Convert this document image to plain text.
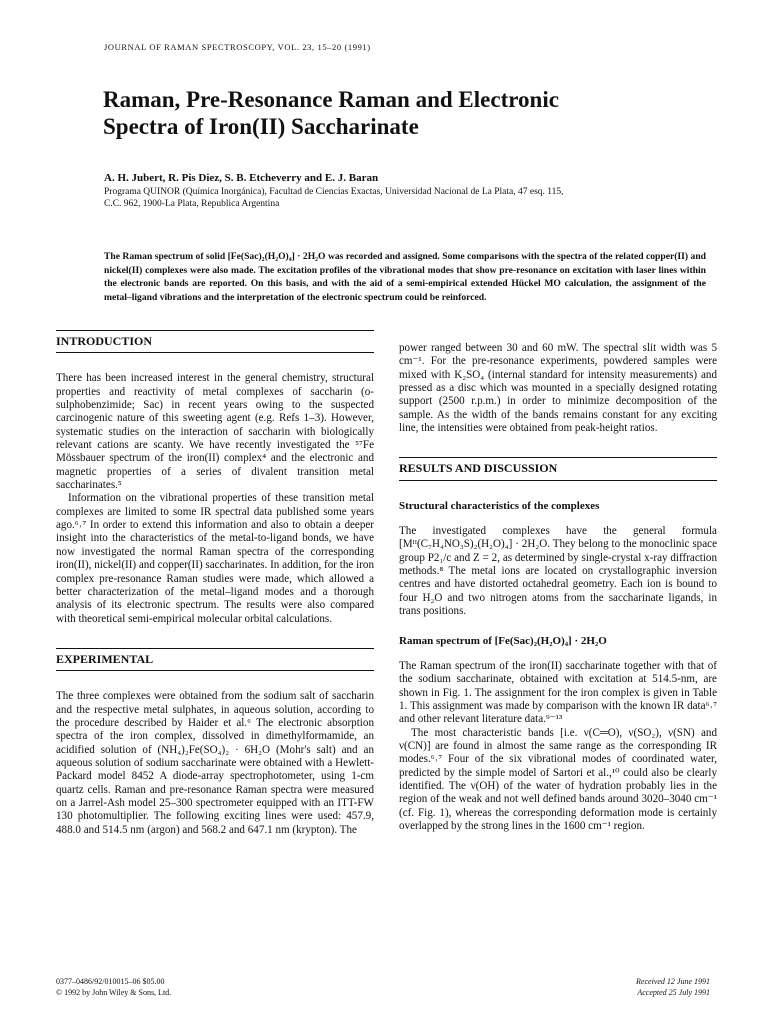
JOURNAL OF RAMAN SPECTROSCOPY, VOL. 23, 15–20 (1991)
Raman, Pre-Resonance Raman and Electronic
Spectra of Iron(II) Saccharinate
A. H. Jubert, R. Pis Diez, S. B. Etcheverry and E. J. Baran
Programa QUINOR (Química Inorgánica), Facultad de Ciencias Exactas, Universidad Nacional de La Plata, 47 esq. 115,
C.C. 962, 1900-La Plata, Republica Argentina
The Raman spectrum of solid [Fe(Sac)₂(H₂O)₄] · 2H₂O was recorded and assigned. Some comparisons with the spectra of the related copper(II) and nickel(II) complexes were also made. The excitation profiles of the vibrational modes that show pre-resonance on excitation with laser lines within the electronic bands are reported. On this basis, and with the aid of a semi-empirical extended Hückel MO calculation, the assignment of the metal–ligand vibrations and the interpretation of the electronic spectrum could be reinforced.
INTRODUCTION

There has been increased interest in the general chemistry, structural properties and reactivity of metal complexes of saccharin (o-sulphobenzimide; Sac) in recent years owing to the suspected carcinogenic nature of this sweeting agent (e.g. Refs 1–3). However, systematic studies on the interaction of saccharin with biologically relevant cations are scanty. We have recently investigated the ⁵⁷Fe Mössbauer spectrum of the iron(II) complex⁴ and the electronic and magnetic properties of a series of divalent transition metal saccharinates.⁵

Information on the vibrational properties of these transition metal complexes are limited to some IR spectral data published some years ago.⁶˒⁷ In order to extend this information and also to obtain a deeper insight into the characteristics of the metal-to-ligand bonds, we have now investigated the normal Raman spectra of the corresponding iron(II), nickel(II) and copper(II) saccharinates. In addition, for the iron complex pre-resonance Raman studies were made, which allowed a better characterization of the metal–ligand modes and a thorough analysis of its electronic spectrum. The results were also compared with theoretical semi-empirical molecular orbital calculations.

EXPERIMENTAL

The three complexes were obtained from the sodium salt of saccharin and the respective metal sulphates, in aqueous solution, according to the procedure described by Haider et al.⁶ The electronic absorption spectra of the iron complex, dissolved in dimethylformamide, an acidified solution of (NH₄)₂Fe(SO₄)₂ · 6H₂O (Mohr's salt) and an aqueous solution of sodium saccharinate were obtained with a Hewlett-Packard model 8452 A diode-array spectrophotometer, using 1-cm quartz cells. Raman and pre-resonance Raman spectra were measured on a Jarrel-Ash model 25–300 spectrometer equipped with an ITT-FW 130 photomultiplier. The following exciting lines were used: 457.9, 488.0 and 514.5 nm (argon) and 568.2 and 647.1 nm (krypton). The

power ranged between 30 and 60 mW. The spectral slit width was 5 cm⁻¹. For the pre-resonance experiments, powdered samples were mixed with K₂SO₄ (internal standard for intensity measurements) and pressed as a disc which was mounted in a specially designed rotating support (2500 r.p.m.) in order to minimize decomposition of the sample. As the width of the bands remains constant for any exciting line, the intensities were obtained from peak-height ratios.

RESULTS AND DISCUSSION
Structural characteristics of the complexes

The investigated complexes have the general formula [Mᴵᴵ(C₇H₄NO₃S)₂(H₂O)₄] · 2H₂O. They belong to the monoclinic space group P2₁/c and Z = 2, as determined by single-crystal x-ray diffraction methods.⁸ The metal ions are located on crystallographic inversion centres and have distorted octahedral geometry. Each ion is bound to four H₂O and two nitrogen atoms from the saccharinate ligands, in trans positions.

Raman spectrum of [Fe(Sac)₂(H₂O)₄] · 2H₂O

The Raman spectrum of the iron(II) saccharinate together with that of the sodium saccharinate, obtained with excitation at 514.5-nm, are shown in Fig. 1. The assignment for the iron complex is given in Table 1. This assignment was made by comparison with the known IR data⁶˒⁷ and other relevant literature data.⁹⁻¹³

The most characteristic bands [i.e. ν(C═O), ν(SO₂), ν(SN) and ν(CN)] are found in almost the same range as the corresponding IR modes.⁶˒⁷ Four of the six vibrational modes of coordinated water, predicted by the simple model of Sartori et al.,¹⁰ could also be clearly identified. The ν(OH) of the water of hydration probably lies in the region of the weak and not well defined bands around 3020–3040 cm⁻¹ (cf. Fig. 1), whereas the corresponding deformation mode is certainly overlapped by the strong lines in the 1600 cm⁻¹ region.

0377–0486/92/010015–06 $05.00
© 1992 by John Wiley & Sons, Ltd.
Received 12 June 1991
Accepted 25 July 1991
